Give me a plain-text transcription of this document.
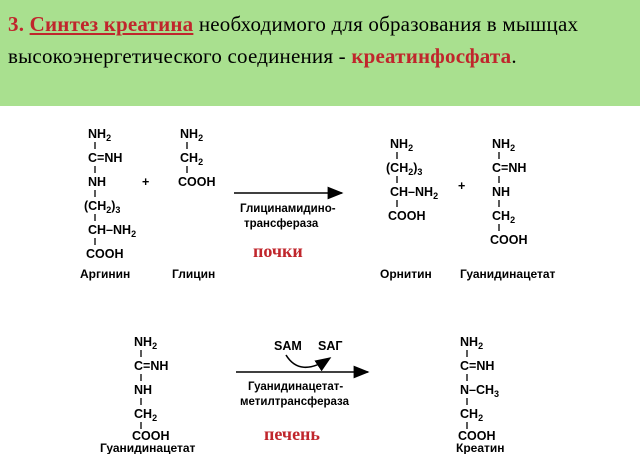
3. Синтез креатина необходимого для образования в мышцах высокоэнергетического соединения - креатинфосфата.
$NH_2$
C=NH
NH
$(CH_2)_3$
$CH-NH_2$
COOH
Аргинин
+
$NH_2$
$CH_2$
COOH
Глицин
Глицинамидино-
трансфераза
почки
$NH_2$
$(CH_2)_3$
$CH-NH_2$
COOH
Орнитин
+
$NH_2$
C=NH
NH
$CH_2$
COOH
Гуанидинацетат
$NH_2$
C=NH
NH
$CH_2$
COOH
Гуанидинацетат
SAM SAГ
Гуанидинацетат-
метилтрансфераза
печень
$NH_2$
C=NH
$N-CH_3$
$CH_2$
COOH
Креатин
